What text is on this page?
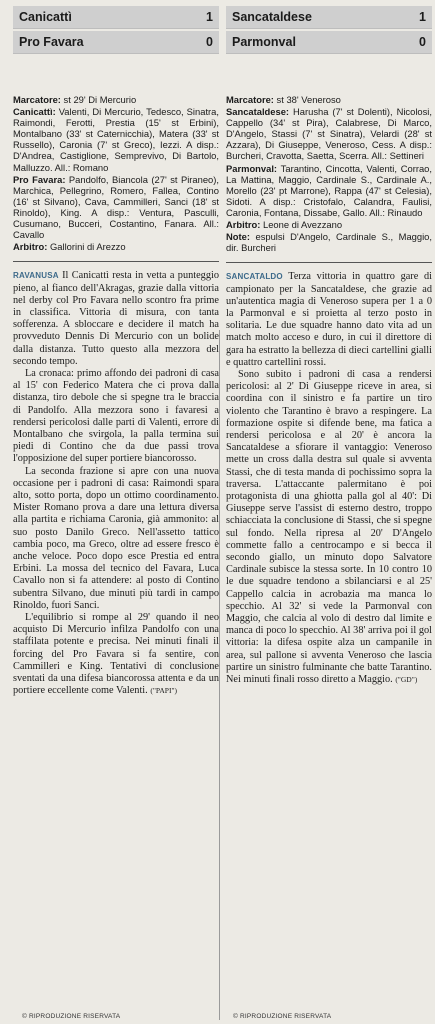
Canicattì	1
Pro Favara	0

Marcatore: st 29' Di Mercurio

Canicattì: Valenti, Di Mercurio, Tedesco, Sinatra, Raimondi, Ferotti, Prestia (15' st Erbini), Montalbano (33' st Caternicchia), Matera (33' st Russello), Caronia (7' st Greco), Iezzi. A disp.: D'Andrea, Castiglione, Semprevivo, Di Bartolo, Malluzzo. All.: Romano

Pro Favara: Pandolfo, Biancola (27' st Piraneo), Marchica, Pellegrino, Romero, Fallea, Contino (16' st Silvano), Cava, Cammilleri, Sanci (18' st Rinoldo), King. A disp.: Ventura, Pasculli, Cusumano, Bucceri, Costantino, Fanara. All.: Cavallo

Arbitro: Gallorini di Arezzo

RAVANUSA Il Canicattì resta in vetta a punteggio pieno, al fianco dell'Akragas, grazie dalla vittoria nel derby col Pro Favara nello scontro fra prime in classifica. Vittoria di misura, con tanta sofferenza. A sbloccare e decidere il match ha provveduto Dennis Di Mercurio con un bolide dalla distanza. Tutto questo alla mezzora del secondo tempo.

La cronaca: primo affondo dei padroni di casa al 15' con Federico Matera che ci prova dalla distanza, tiro debole che si spegne tra le braccia di Pandolfo. Alla mezzora sono i favaresi a rendersi pericolosi dalle parti di Valenti, errore di Montalbano che svirgola, la palla termina sui piedi di Contino che da due passi trova l'opposizione del super portiere biancorosso.

La seconda frazione si apre con una nuova occasione per i padroni di casa: Raimondi spara alto, sotto porta, dopo un ottimo coordinamento. Mister Romano prova a dare una lettura diversa alla partita e richiama Caronia, già ammonito: al suo posto Danilo Greco. Nell'assetto tattico cambia poco, ma Greco, oltre ad essere fresco è anche veloce. Poco dopo esce Prestia ed entra Erbini. La mossa del tecnico del Favara, Luca Cavallo non si fa attendere: al posto di Contino subentra Silvano, due minuti più tardi in campo Rinoldo, fuori Sanci.

L'equilibrio si rompe al 29' quando il neo acquisto Di Mercurio infilza Pandolfo con una staffilata potente e precisa. Nei minuti finali il forcing del Pro Favara si fa sentire, con Cammilleri e King. Tentativi di conclusione sventati da una difesa biancorossa attenta e da un portiere eccellente come Valenti. ("PAPI")

Sancataldese	1
Parmonval	0

Marcatore: st 38' Veneroso

Sancataldese: Harusha (7' st Dolenti), Nicolosi, Cappello (34' st Pira), Calabrese, Di Marco, D'Angelo, Stassi (7' st Sinatra), Velardi (28' st Azzara), Di Giuseppe, Veneroso, Cess. A disp.: Burcheri, Cravotta, Saetta, Scerra. All.: Settineri

Parmonval: Tarantino, Cincotta, Valenti, Corrao, La Mattina, Maggio, Cardinale S., Cardinale A., Morello (23' pt Marrone), Rappa (47' st Celesia), Sidoti. A disp.: Cristofalo, Calandra, Faulisi, Caronia, Fontana, Dissabe, Gallo. All.: Rinaudo

Arbitro: Leone di Avezzano

Note: espulsi D'Angelo, Cardinale S., Maggio, dir. Burcheri

SANCATALDO Terza vittoria in quattro gare di campionato per la Sancataldese, che grazie ad un'autentica magia di Veneroso supera per 1 a 0 la Parmonval e si proietta al terzo posto in solitaria. Le due squadre hanno dato vita ad un match molto acceso e duro, in cui il direttore di gara ha estratto la bellezza di dieci cartellini gialli e quattro cartellini rossi.

Sono subito i padroni di casa a rendersi pericolosi: al 2' Di Giuseppe riceve in area, si coordina con il sinistro e fa partire un tiro violento che Tarantino è bravo a respingere. La formazione ospite si difende bene, ma fatica a rendersi pericolosa e al 20' è ancora la Sancataldese a sfiorare il vantaggio: Veneroso mette un cross dalla destra sul quale si avventa Stassi, che di testa manda di pochissimo sopra la traversa. L'attaccante palermitano è poi protagonista di una ghiotta palla gol al 40': Di Giuseppe serve l'assist di esterno destro, troppo schiacciata la conclusione di Stassi, che si spegne sul fondo. Nella ripresa al 20' D'Angelo commette fallo a centrocampo e si becca il secondo giallo, un minuto dopo Salvatore Cardinale subisce la stessa sorte. In 10 contro 10 le due squadre tendono a sbilanciarsi e al 25' Cappello calcia in acrobazia ma manca lo specchio. Al 32' si vede la Parmonval con Maggio, che calcia al volo di destro dal limite e manca di poco lo specchio. Al 38' arriva poi il gol vittoria: la difesa ospite alza un campanile in area, sul pallone si avventa Veneroso che lascia partire un sinistro fulminante che batte Tarantino. Nei minuti finali rosso diretto a Maggio. ("GD")

© RIPRODUZIONE RISERVATA	© RIPRODUZIONE RISERVATA
